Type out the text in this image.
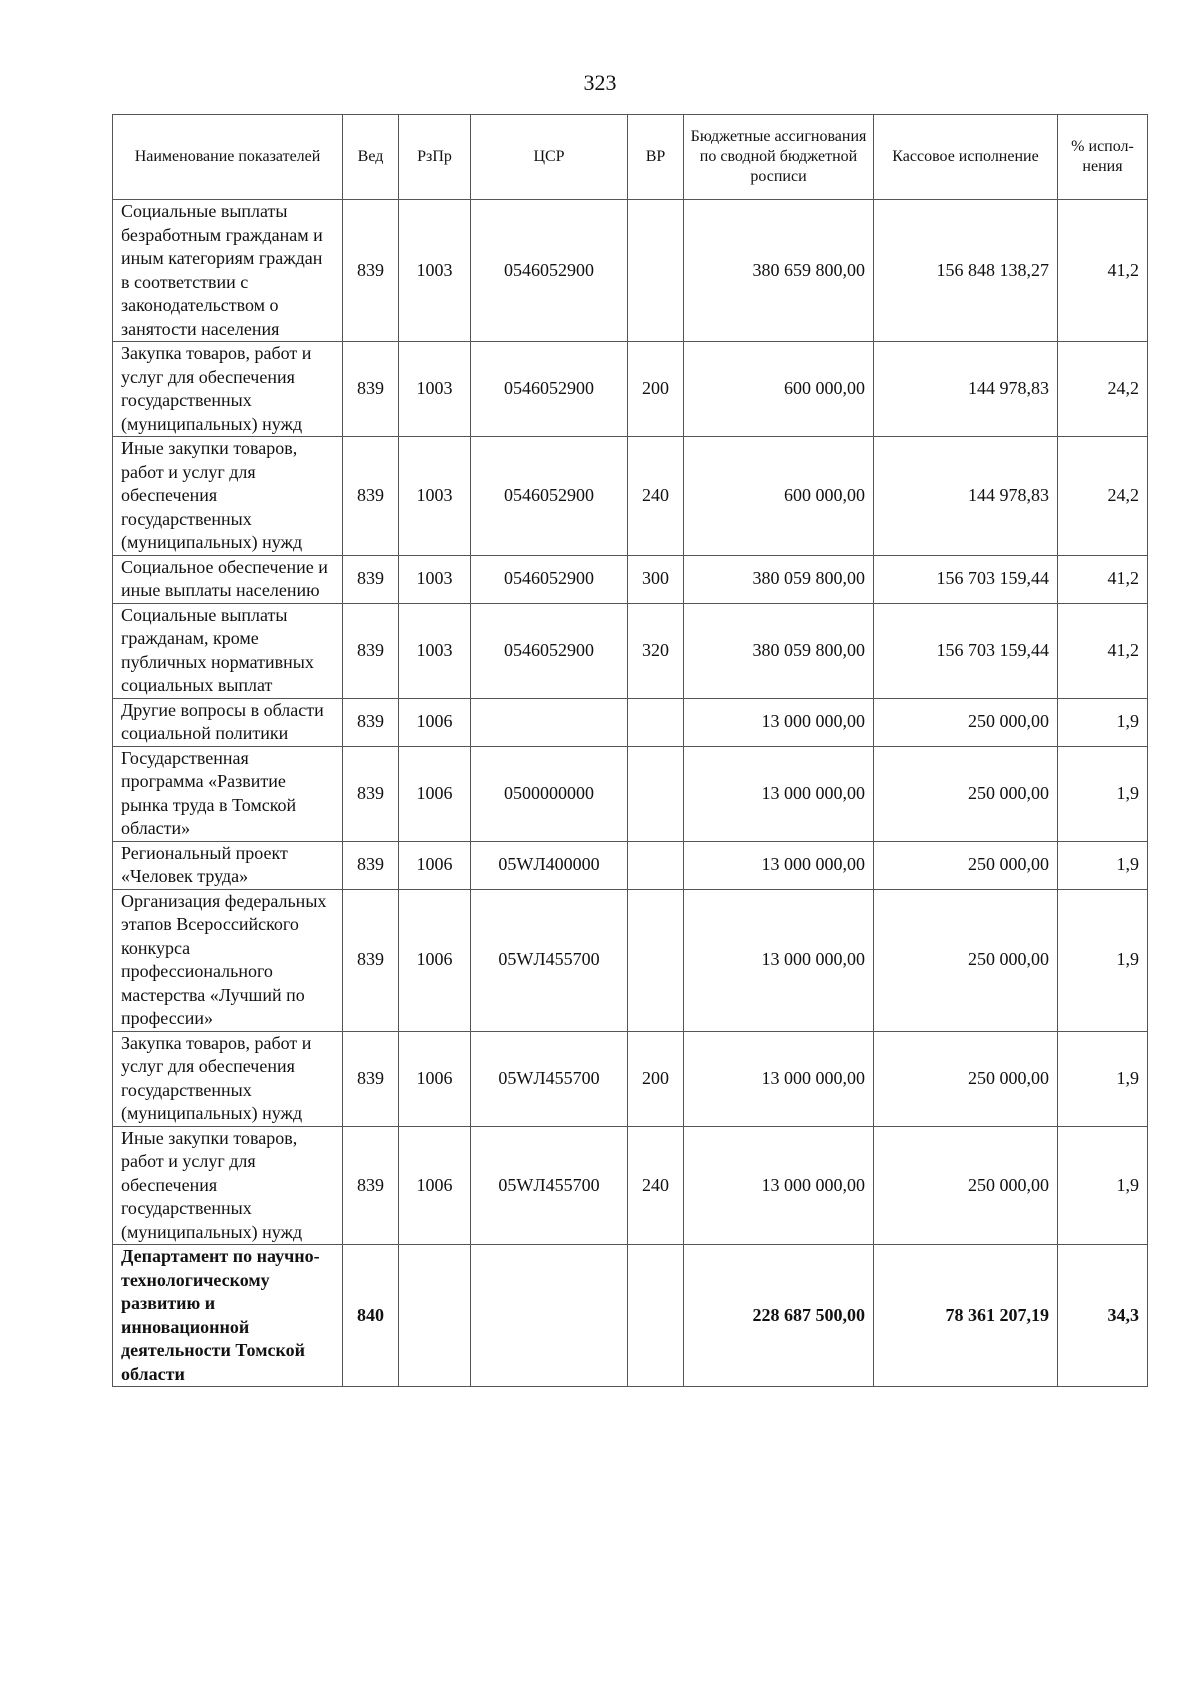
323
Наименование показателей	Вед	РзПр	ЦСР	ВР	Бюджетные ассигнования по сводной бюджетной росписи	Кассовое исполнение	% испол-нения
Социальные выплаты безработным гражданам и иным категориям граждан в соответствии с законодательством о занятости населения	839	1003	0546052900		380 659 800,00	156 848 138,27	41,2
Закупка товаров, работ и услуг для обеспечения государственных (муниципальных) нужд	839	1003	0546052900	200	600 000,00	144 978,83	24,2
Иные закупки товаров, работ и услуг для обеспечения государственных (муниципальных) нужд	839	1003	0546052900	240	600 000,00	144 978,83	24,2
Социальное обеспечение и иные выплаты населению	839	1003	0546052900	300	380 059 800,00	156 703 159,44	41,2
Социальные выплаты гражданам, кроме публичных нормативных социальных выплат	839	1003	0546052900	320	380 059 800,00	156 703 159,44	41,2
Другие вопросы в области социальной политики	839	1006			13 000 000,00	250 000,00	1,9
Государственная программа «Развитие рынка труда в Томской области»	839	1006	0500000000		13 000 000,00	250 000,00	1,9
Региональный проект «Человек труда»	839	1006	05WЛ400000		13 000 000,00	250 000,00	1,9
Организация федеральных этапов Всероссийского конкурса профессионального мастерства «Лучший по профессии»	839	1006	05WЛ455700		13 000 000,00	250 000,00	1,9
Закупка товаров, работ и услуг для обеспечения государственных (муниципальных) нужд	839	1006	05WЛ455700	200	13 000 000,00	250 000,00	1,9
Иные закупки товаров, работ и услуг для обеспечения государственных (муниципальных) нужд	839	1006	05WЛ455700	240	13 000 000,00	250 000,00	1,9
Департамент по научно-технологическому развитию и инновационной деятельности Томской области	840				228 687 500,00	78 361 207,19	34,3
